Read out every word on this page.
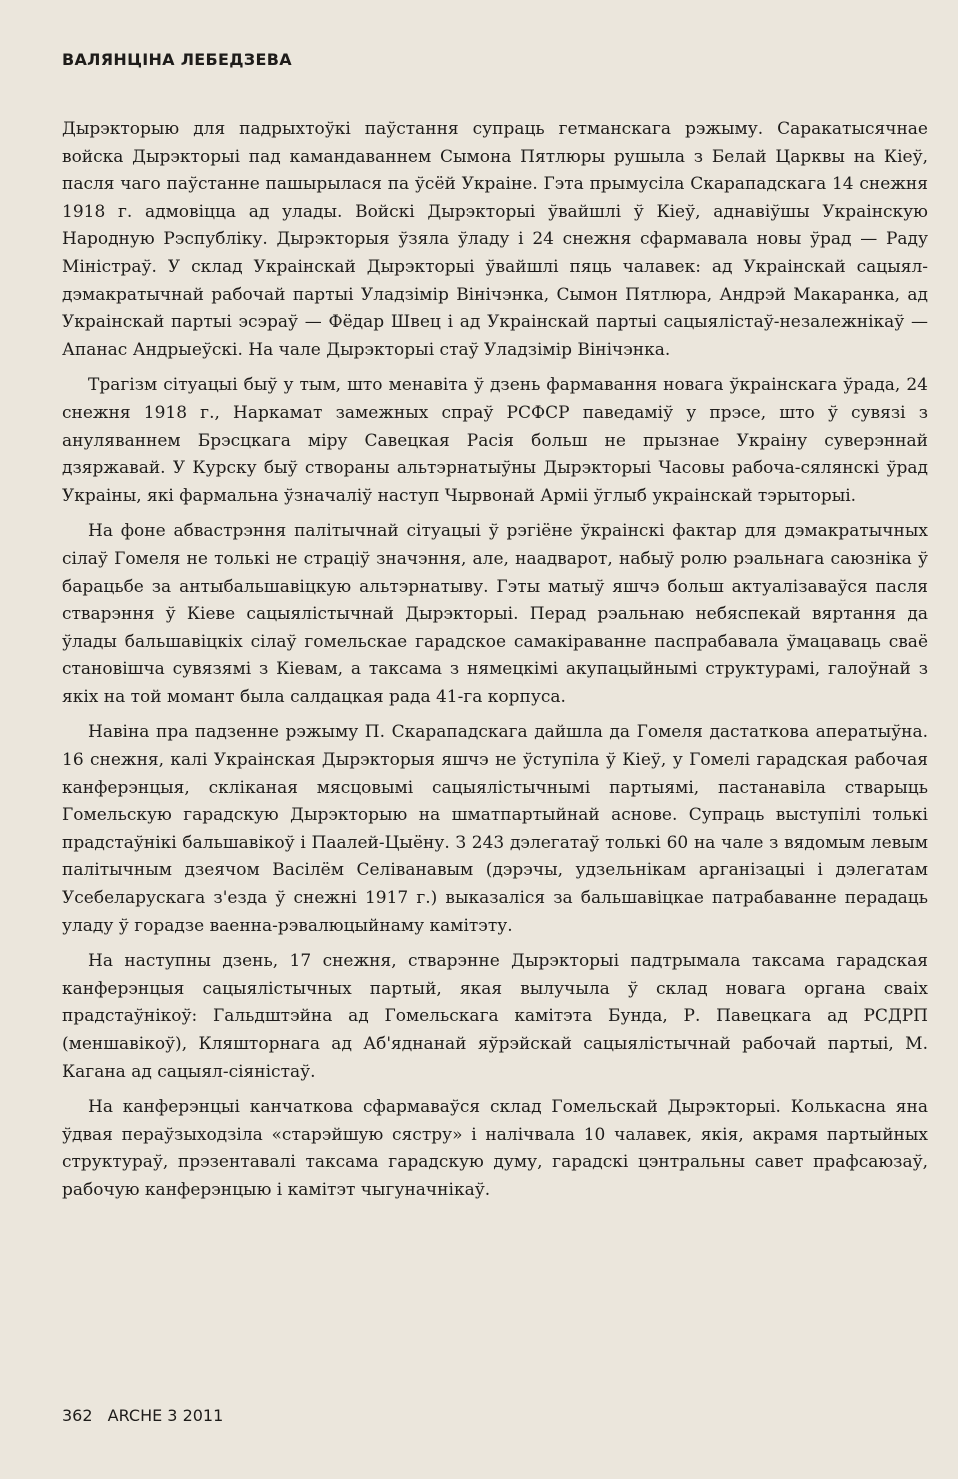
ВАЛЯНЦІНА ЛЕБЕДЗЕВА

Дырэкторыю для падрыхтоўкі паўстання супраць гетманскага рэжыму. Саракатысячнае войска Дырэкторыі пад камандаваннем Сымона Пятлюры рушыла з Белай Царквы на Кіеў, пасля чаго паўстанне пашырылася па ўсёй Украіне. Гэта прымусіла Скарападскага 14 снежня 1918 г. адмовіцца ад улады. Войскі Дырэкторыі ўвайшлі ў Кіеў, аднавіўшы Украінскую Народную Рэспубліку. Дырэкторыя ўзяла ўладу і 24 снежня сфармавала новы ўрад — Раду Міністраў. У склад Украінскай Дырэкторыі ўвайшлі пяць чалавек: ад Украінскай сацыял-дэмакратычнай рабочай партыі Уладзімір Вінічэнка, Сымон Пятлюра, Андрэй Макаранка, ад Украінскай партыі эсэраў — Фёдар Швец і ад Украінскай партыі сацыялістаў-незалежнікаў — Апанас Андрыеўскі. На чале Дырэкторыі стаў Уладзімір Вінічэнка.

Трагізм сітуацыі быў у тым, што менавіта ў дзень фармавання новага ўкраінскага ўрада, 24 снежня 1918 г., Наркамат замежных спраў РСФСР паведаміў у прэсе, што ў сувязі з ануляваннем Брэсцкага міру Савецкая Расія больш не прызнае Украіну суверэннай дзяржавай. У Курску быў створаны альтэрнатыўны Дырэкторыі Часовы рабоча-сялянскі ўрад Украіны, які фармальна ўзначаліў наступ Чырвонай Арміі ўглыб украінскай тэрыторыі.

На фоне абвастрэння палітычнай сітуацыі ў рэгіёне ўкраінскі фактар для дэмакратычных сілаў Гомеля не толькі не страціў значэння, але, наадварот, набыў ролю рэальнага саюзніка ў барацьбе за антыбальшавіцкую альтэрнатыву. Гэты матыў яшчэ больш актуалізаваўся пасля стварэння ў Кіеве сацыялістычнай Дырэкторыі. Перад рэальнаю небяспекай вяртання да ўлады бальшавіцкіх сілаў гомельскае гарадское самакіраванне паспрабавала ўмацаваць сваё становішча сувязямі з Кіевам, а таксама з нямецкімі акупацыйнымі структурамі, галоўнай з якіх на той момант была салдацкая рада 41-га корпуса.

Навіна пра падзенне рэжыму П. Скарападскага дайшла да Гомеля дастаткова аператыўна. 16 снежня, калі Украінская Дырэкторыя яшчэ не ўступіла ў Кіеў, у Гомелі гарадская рабочая канферэнцыя, скліканая мясцовымі сацыялістычнымі партыямі, пастанавіла стварыць Гомельскую гарадскую Дырэкторыю на шматпартыйнай аснове. Супраць выступілі толькі прадстаўнікі бальшавікоў і Паалей-Цыёну. З 243 дэлегатаў толькі 60 на чале з вядомым левым палітычным дзеячом Васілём Селіванавым (дэрэчы, удзельнікам арганізацыі і дэлегатам Усебеларускага з'езда ў снежні 1917 г.) выказаліся за бальшавіцкае патрабаванне перадаць уладу ў горадзе ваенна-рэвалюцыйнаму камітэту.

На наступны дзень, 17 снежня, стварэнне Дырэкторыі падтрымала таксама гарадская канферэнцыя сацыялістычных партый, якая вылучыла ў склад новага органа сваіх прадстаўнікоў: Гальдштэйна ад Гомельскага камітэта Бунда, Р. Павецкага ад РСДРП (меншавікоў), Кляшторнага ад Аб'яднанай яўрэйскай сацыялістычнай рабочай партыі, М. Кагана ад сацыял-сіяністаў.

На канферэнцыі канчаткова сфармаваўся склад Гомельскай Дырэкторыі. Колькасна яна ўдвая пераўзыходзіла «старэйшую сястру» і налічвала 10 чалавек, якія, акрамя партыйных структураў, прэзентавалі таксама гарадскую думу, гарадскі цэнтральны савет прафсаюзаў, рабочую канферэнцыю і камітэт чыгуначнікаў.

362 ARCHE 3 2011
